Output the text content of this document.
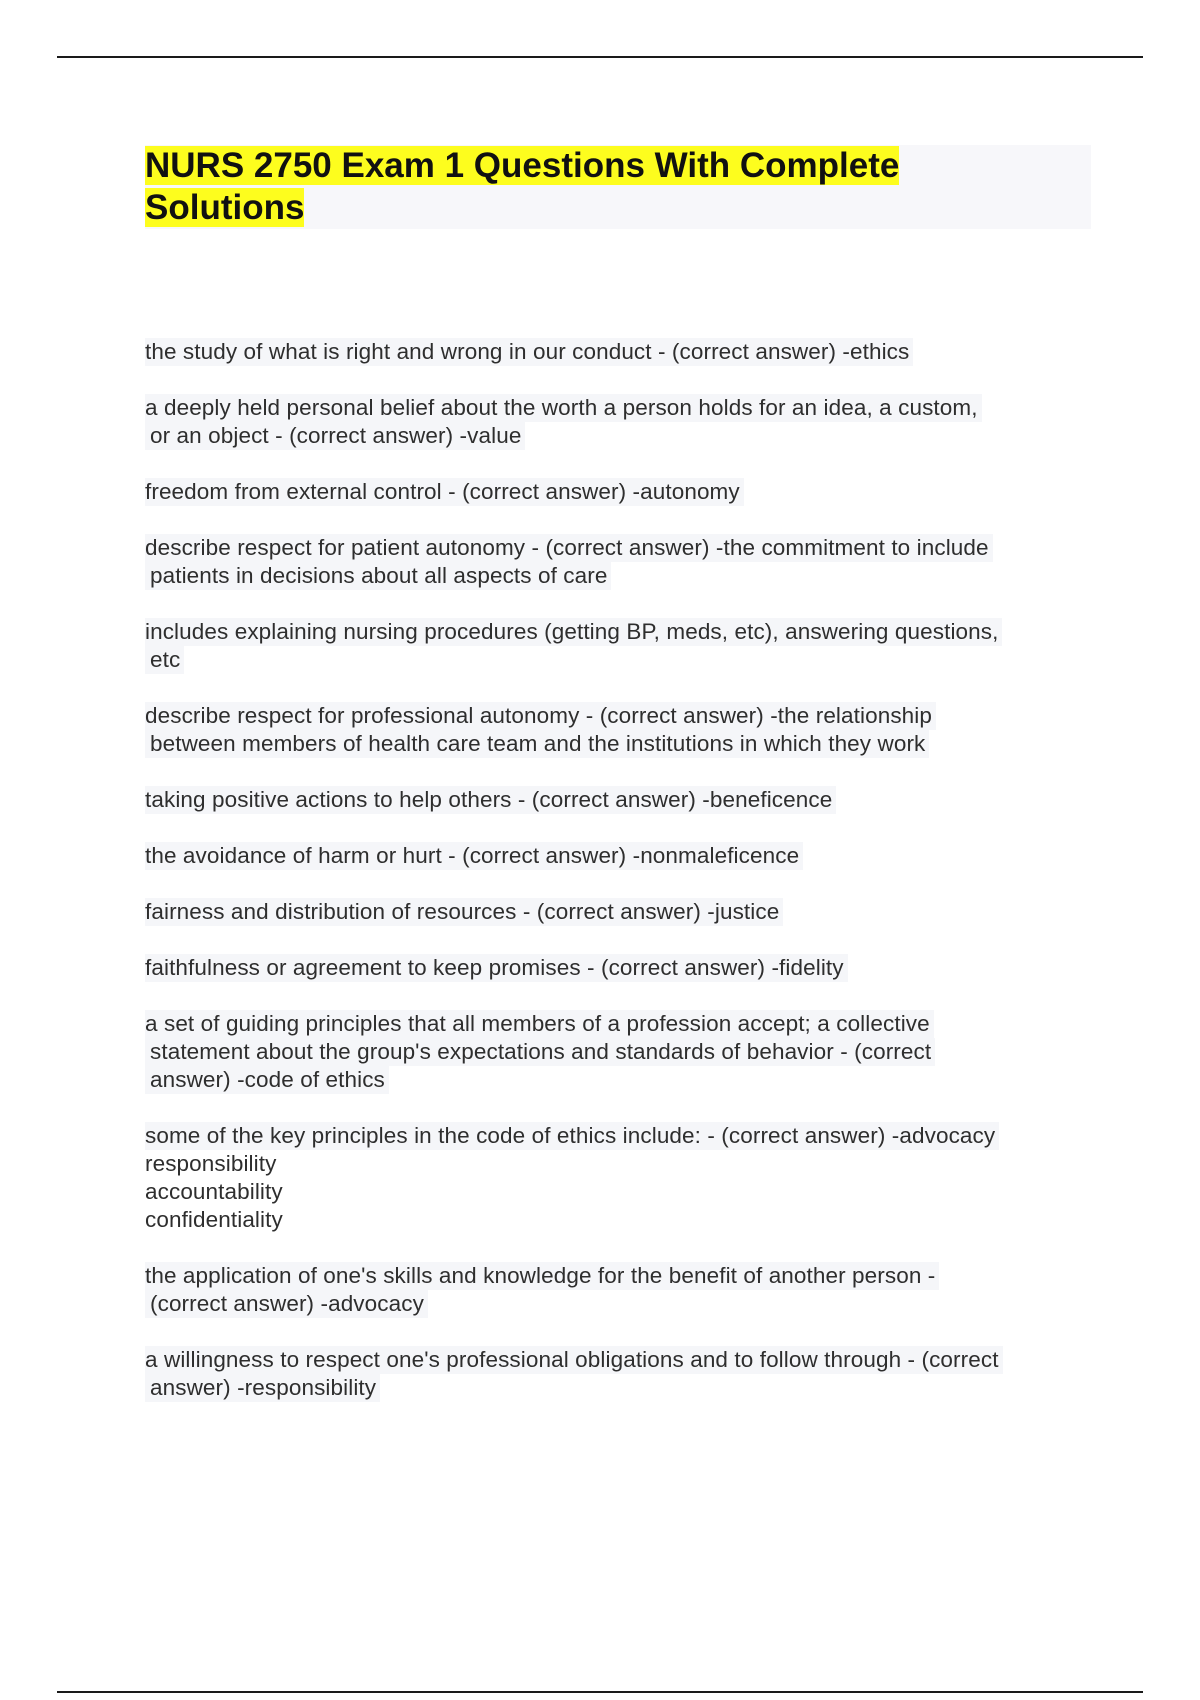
NURS 2750 Exam 1 Questions With Complete
Solutions
the study of what is right and wrong in our conduct - (correct answer) -ethics

a deeply held personal belief about the worth a person holds for an idea, a custom,
or an object - (correct answer) -value

freedom from external control - (correct answer) -autonomy

describe respect for patient autonomy - (correct answer) -the commitment to include
patients in decisions about all aspects of care

includes explaining nursing procedures (getting BP, meds, etc), answering questions,
etc

describe respect for professional autonomy - (correct answer) -the relationship
between members of health care team and the institutions in which they work

taking positive actions to help others - (correct answer) -beneficence

the avoidance of harm or hurt - (correct answer) -nonmaleficence

fairness and distribution of resources - (correct answer) -justice

faithfulness or agreement to keep promises - (correct answer) -fidelity

a set of guiding principles that all members of a profession accept; a collective
statement about the group's expectations and standards of behavior - (correct
answer) -code of ethics

some of the key principles in the code of ethics include: - (correct answer) -advocacy

responsibility
accountability
confidentiality
the application of one's skills and knowledge for the benefit of another person -
(correct answer) -advocacy

a willingness to respect one's professional obligations and to follow through - (correct
answer) -responsibility
